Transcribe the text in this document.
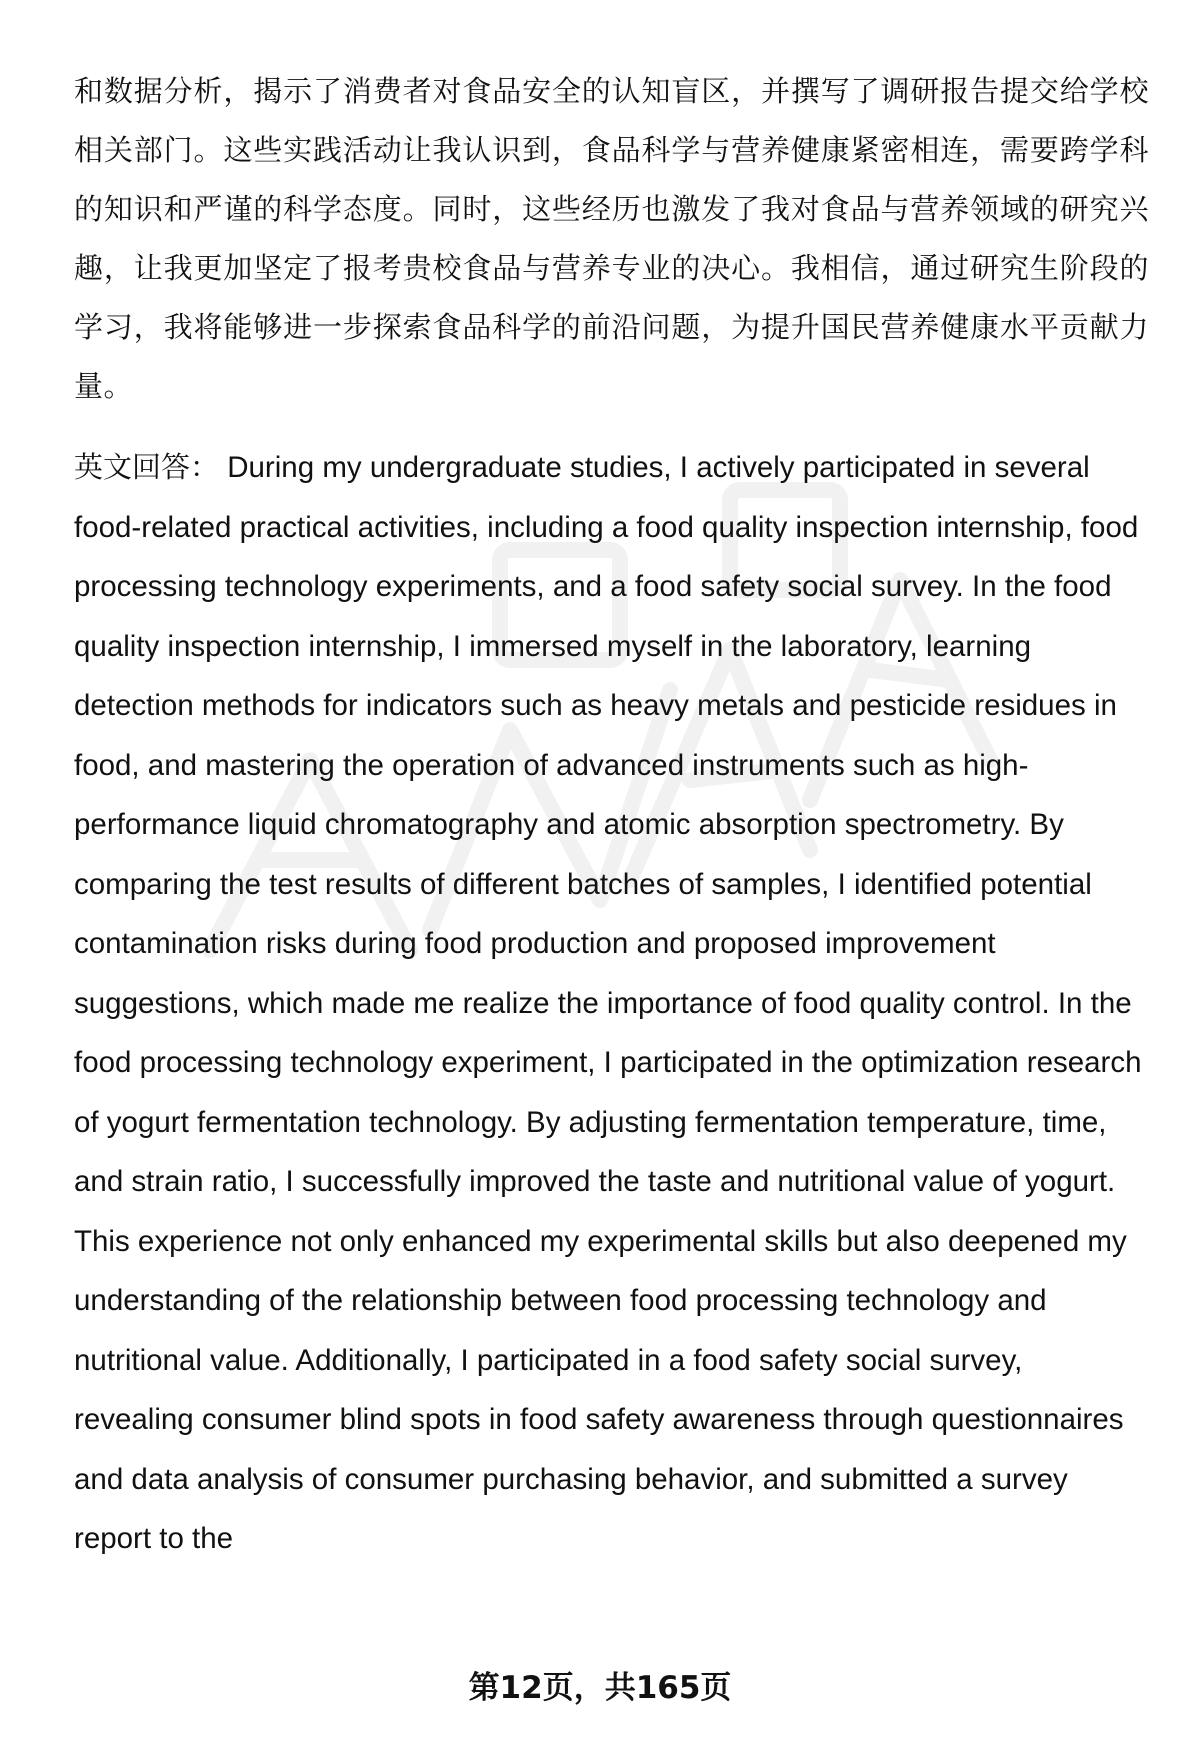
和数据分析，揭示了消费者对食品安全的认知盲区，并撰写了调研报告提交给学校相关部门。这些实践活动让我认识到，食品科学与营养健康紧密相连，需要跨学科的知识和严谨的科学态度。同时，这些经历也激发了我对食品与营养领域的研究兴趣，让我更加坚定了报考贵校食品与营养专业的决心。我相信，通过研究生阶段的学习，我将能够进一步探索食品科学的前沿问题，为提升国民营养健康水平贡献力量。

英文回答： During my undergraduate studies, I actively participated in several food-related practical activities, including a food quality inspection internship, food processing technology experiments, and a food safety social survey. In the food quality inspection internship, I immersed myself in the laboratory, learning detection methods for indicators such as heavy metals and pesticide residues in food, and mastering the operation of advanced instruments such as high-performance liquid chromatography and atomic absorption spectrometry. By comparing the test results of different batches of samples, I identified potential contamination risks during food production and proposed improvement suggestions, which made me realize the importance of food quality control. In the food processing technology experiment, I participated in the optimization research of yogurt fermentation technology. By adjusting fermentation temperature, time, and strain ratio, I successfully improved the taste and nutritional value of yogurt. This experience not only enhanced my experimental skills but also deepened my understanding of the relationship between food processing technology and nutritional value. Additionally, I participated in a food safety social survey, revealing consumer blind spots in food safety awareness through questionnaires and data analysis of consumer purchasing behavior, and submitted a survey report to the

第12页，共165页
